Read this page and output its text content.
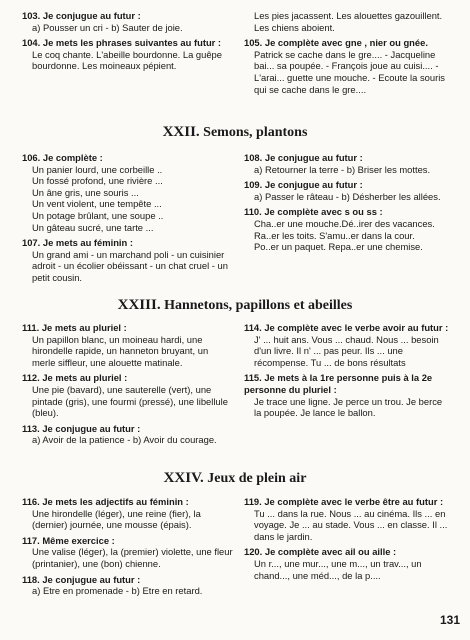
103. Je conjugue au futur :

a) Pousser un cri - b) Sauter de joie.

104. Je mets les phrases suivantes au futur :

Le coq chante. L'abeille bourdonne. La guêpe bourdonne. Les moineaux pépient.

Les pies jacassent. Les alouettes gazouillent. Les chiens aboient.

105. Je complète avec gne , nier ou gnée.

Patrick se cache dans le gre.... - Jacqueline bai... sa poupée. - François joue au cuisi.... - L'arai... guette une mouche. - Ecoute la souris qui se cache dans le gre....

XXII. Semons, plantons
106. Je complète :

Un panier lourd, une corbeille ..

Un fossé profond, une rivière ...

Un âne gris, une souris ...

Un vent violent, une tempête ...

Un potage brûlant, une soupe ..

Un gâteau sucré, une tarte ...

107. Je mets au féminin :

Un grand ami - un marchand poli - un cuisinier adroit - un écolier obéissant - un chat cruel - un petit cousin.

108. Je conjugue au futur :

a) Retourner la terre - b) Briser les mottes.

109. Je conjugue au futur :

a) Passer le râteau - b) Désherber les allées.

110. Je complète avec s ou ss :

Cha..er une mouche.Dé..irer des vacances.

Ra..er les toits. S'amu..er dans la cour.

Po..er un paquet. Repa..er une chemise.

XXIII. Hannetons, papillons et abeilles
111. Je mets au pluriel :

Un papillon blanc, un moineau hardi, une hirondelle rapide, un hanneton bruyant, un merle siffleur, une alouette matinale.

112. Je mets au pluriel :

Une pie (bavard), une sauterelle (vert), une pintade (gris), une fourmi (pressé), une libellule (bleu).

113. Je conjugue au futur :

a) Avoir de la patience - b) Avoir du courage.

114. Je complète avec le verbe avoir au futur :

J' ... huit ans. Vous ... chaud. Nous ... besoin d'un livre. Il n' ... pas peur. Ils ... une récompense. Tu ... de bons résultats

115. Je mets à la 1re personne puis à la 2e personne du pluriel :

Je trace une ligne. Je perce un trou. Je berce la poupée. Je lance le ballon.

XXIV. Jeux de plein air
116. Je mets les adjectifs au féminin :

Une hirondelle (léger), une reine (fier), la (dernier) journée, une mousse (épais).

117. Même exercice :

Une valise (léger), la (premier) violette, une fleur (printanier), une (bon) chienne.

118. Je conjugue au futur :

a) Etre en promenade - b) Etre en retard.

119. Je complète avec le verbe être au futur :

Tu ... dans la rue. Nous ... au cinéma. Ils ... en voyage. Je ... au stade. Vous ... en classe. Il ... dans le jardin.

120. Je complète avec ail ou aille :

Un r..., une mur..., une m..., un trav..., un chand..., une méd..., de la p....

131
